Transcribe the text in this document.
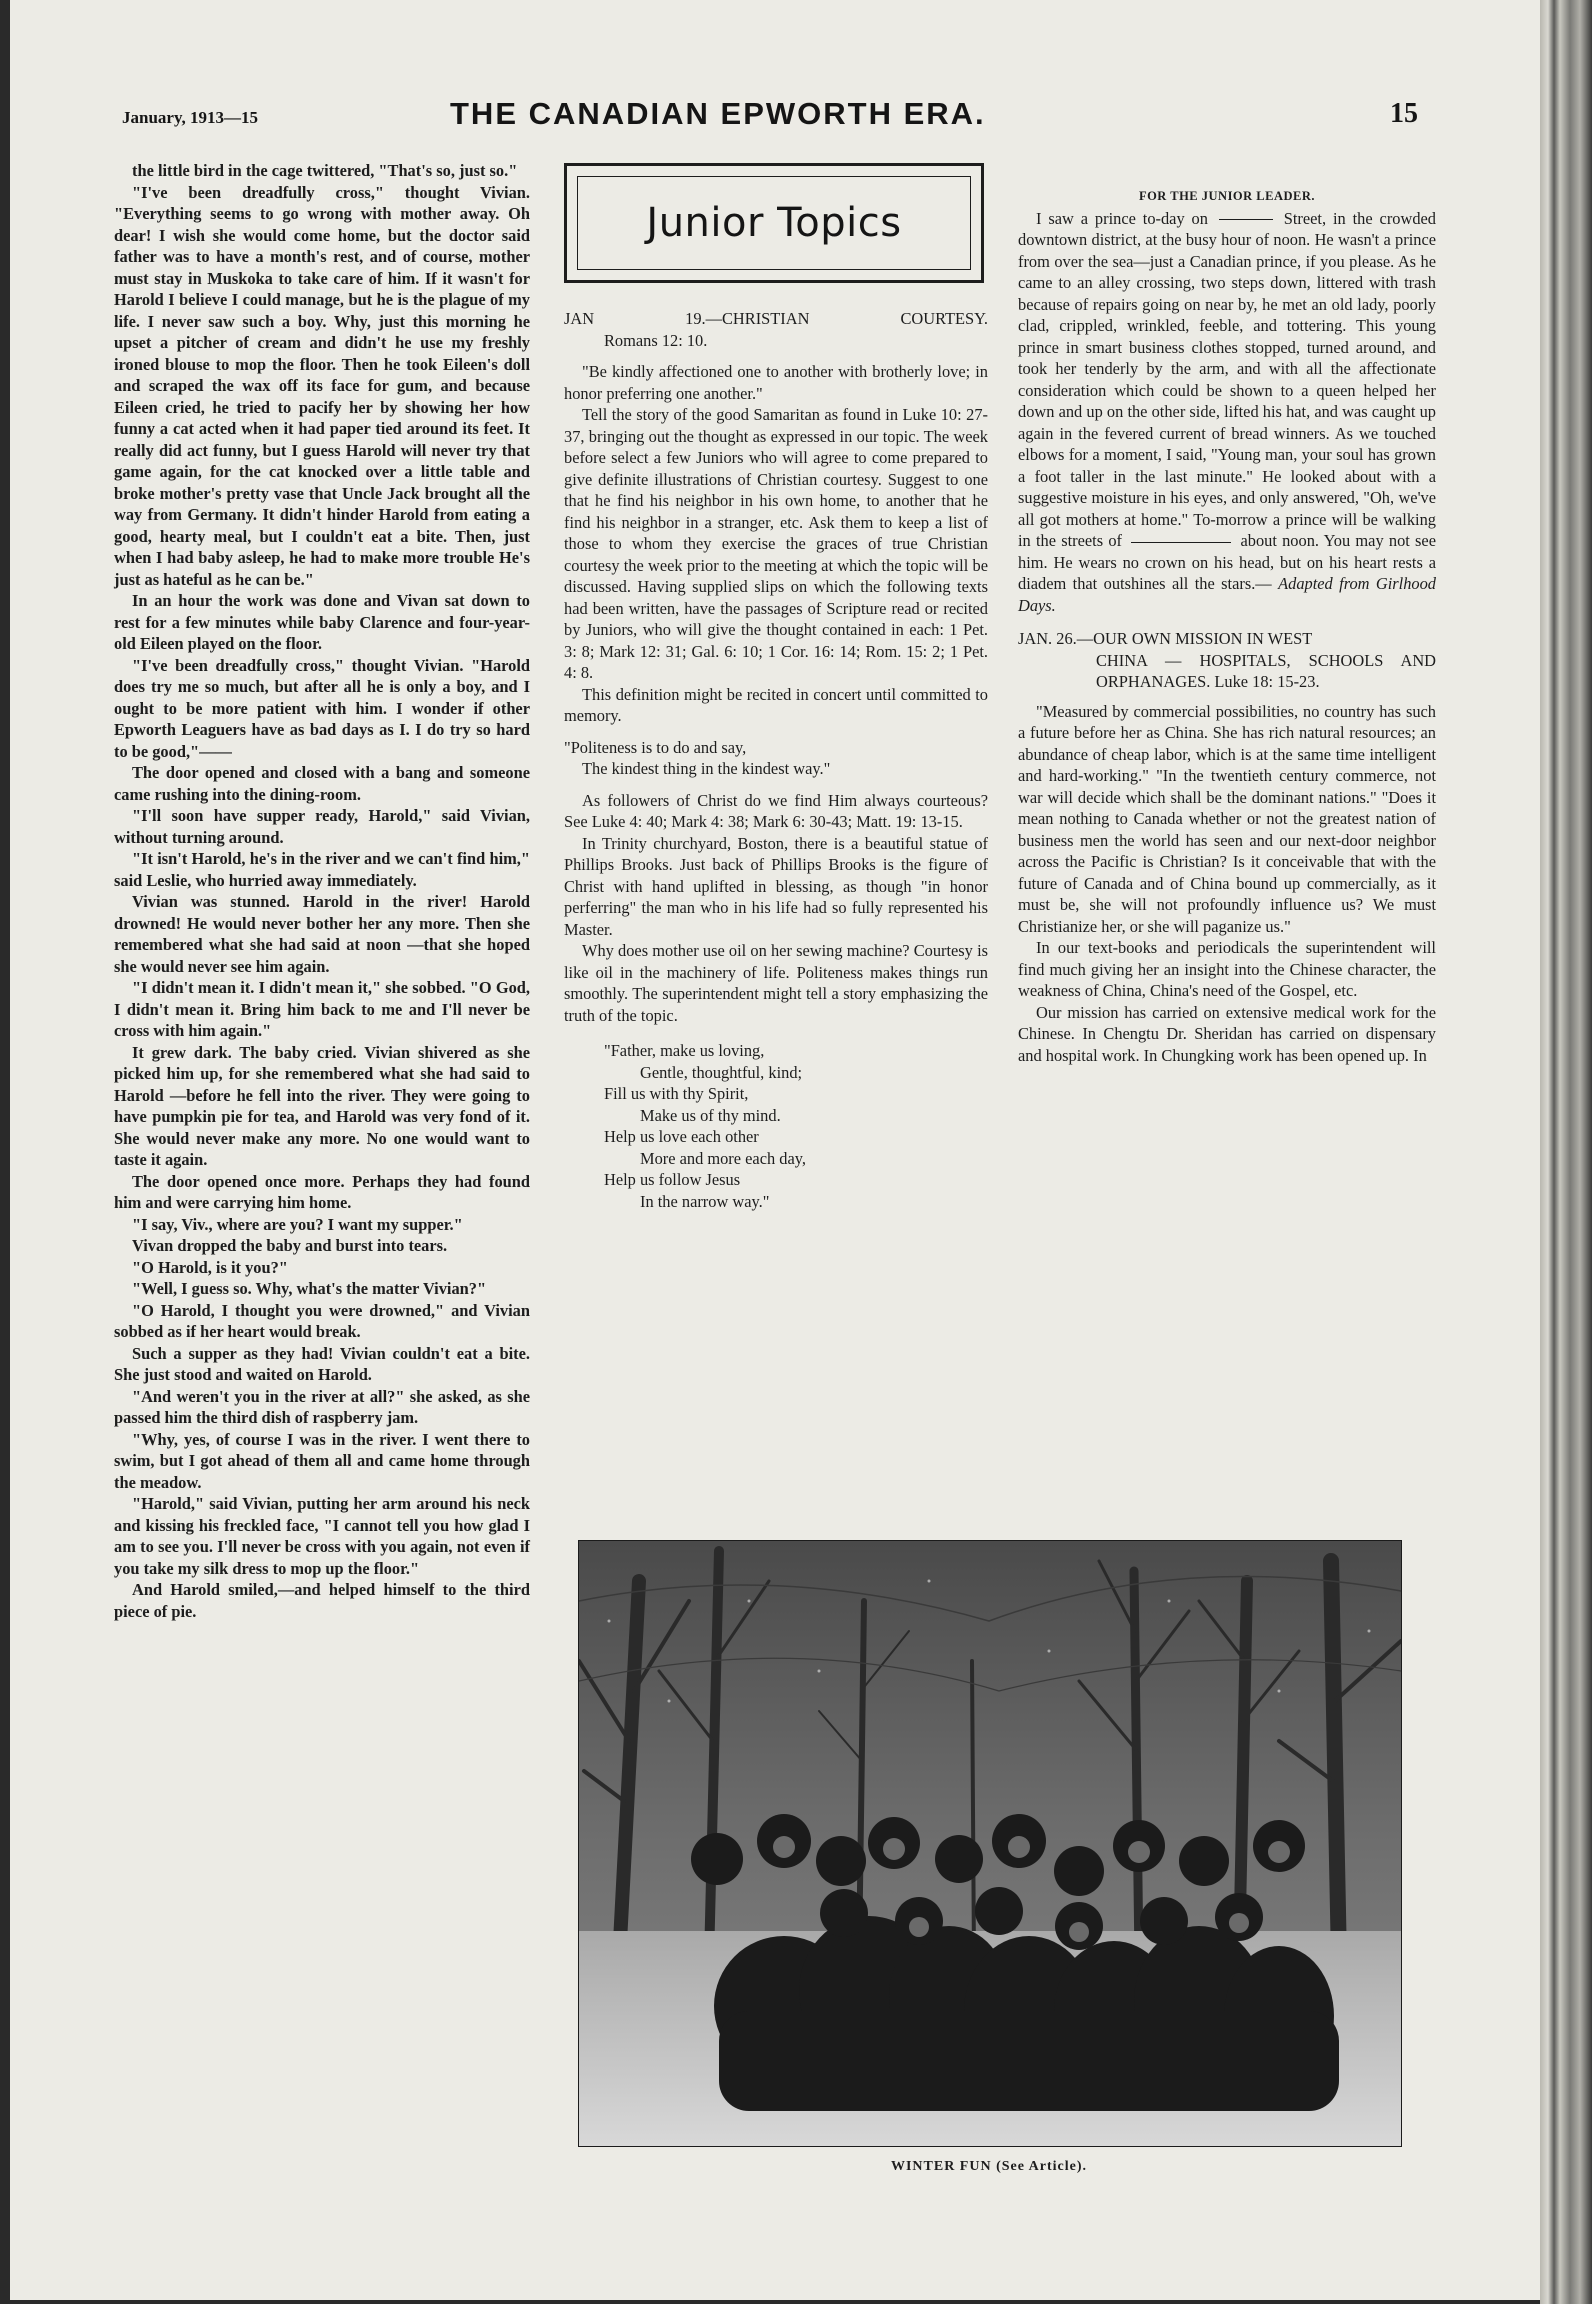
January, 1913—15	THE CANADIAN EPWORTH ERA.	15

the little bird in the cage twittered, "That's so, just so."

"I've been dreadfully cross," thought Vivian. "Everything seems to go wrong with mother away. Oh dear! I wish she would come home, but the doctor said father was to have a month's rest, and of course, mother must stay in Muskoka to take care of him. If it wasn't for Harold I believe I could manage, but he is the plague of my life. I never saw such a boy. Why, just this morning he upset a pitcher of cream and didn't he use my freshly ironed blouse to mop the floor. Then he took Eileen's doll and scraped the wax off its face for gum, and because Eileen cried, he tried to pacify her by showing her how funny a cat acted when it had paper tied around its feet. It really did act funny, but I guess Harold will never try that game again, for the cat knocked over a little table and broke mother's pretty vase that Uncle Jack brought all the way from Germany. It didn't hinder Harold from eating a good, hearty meal, but I couldn't eat a bite. Then, just when I had baby asleep, he had to make more trouble He's just as hateful as he can be."

In an hour the work was done and Vivan sat down to rest for a few minutes while baby Clarence and four-year-old Eileen played on the floor.

"I've been dreadfully cross," thought Vivian. "Harold does try me so much, but after all he is only a boy, and I ought to be more patient with him. I wonder if other Epworth Leaguers have as bad days as I. I do try so hard to be good,"——

The door opened and closed with a bang and someone came rushing into the dining-room.

"I'll soon have supper ready, Harold," said Vivian, without turning around.

"It isn't Harold, he's in the river and we can't find him," said Leslie, who hurried away immediately.

Vivian was stunned. Harold in the river! Harold drowned! He would never bother her any more. Then she remembered what she had said at noon —that she hoped she would never see him again.

"I didn't mean it. I didn't mean it," she sobbed. "O God, I didn't mean it. Bring him back to me and I'll never be cross with him again."

It grew dark. The baby cried. Vivian shivered as she picked him up, for she remembered what she had said to Harold —before he fell into the river. They were going to have pumpkin pie for tea, and Harold was very fond of it. She would never make any more. No one would want to taste it again.

The door opened once more. Perhaps they had found him and were carrying him home.

"I say, Viv., where are you? I want my supper."

Vivan dropped the baby and burst into tears.

"O Harold, is it you?"

"Well, I guess so. Why, what's the matter Vivian?"

"O Harold, I thought you were drowned," and Vivian sobbed as if her heart would break.

Such a supper as they had! Vivian couldn't eat a bite. She just stood and waited on Harold.

"And weren't you in the river at all?" she asked, as she passed him the third dish of raspberry jam.

"Why, yes, of course I was in the river. I went there to swim, but I got ahead of them all and came home through the meadow.

"Harold," said Vivian, putting her arm around his neck and kissing his freckled face, "I cannot tell you how glad I am to see you. I'll never be cross with you again, not even if you take my silk dress to mop up the floor."

And Harold smiled,—and helped himself to the third piece of pie.

Junior Topics

JAN 19.—CHRISTIAN COURTESY.
Romans 12: 10.

"Be kindly affectioned one to another with brotherly love; in honor preferring one another."

Tell the story of the good Samaritan as found in Luke 10: 27-37, bringing out the thought as expressed in our topic. The week before select a few Juniors who will agree to come prepared to give definite illustrations of Christian courtesy. Suggest to one that he find his neighbor in his own home, to another that he find his neighbor in a stranger, etc. Ask them to keep a list of those to whom they exercise the graces of true Christian courtesy the week prior to the meeting at which the topic will be discussed. Having supplied slips on which the following texts had been written, have the passages of Scripture read or recited by Juniors, who will give the thought contained in each: 1 Pet. 3: 8; Mark 12: 31; Gal. 6: 10; 1 Cor. 16: 14; Rom. 15: 2; 1 Pet. 4: 8.

This definition might be recited in concert until committed to memory.

"Politeness is to do and say,
The kindest thing in the kindest way."

As followers of Christ do we find Him always courteous? See Luke 4: 40; Mark 4: 38; Mark 6: 30-43; Matt. 19: 13-15.

In Trinity churchyard, Boston, there is a beautiful statue of Phillips Brooks. Just back of Phillips Brooks is the figure of Christ with hand uplifted in blessing, as though "in honor perferring" the man who in his life had so fully represented his Master.

Why does mother use oil on her sewing machine? Courtesy is like oil in the machinery of life. Politeness makes things run smoothly. The superintendent might tell a story emphasizing the truth of the topic.

"Father, make us loving,
Gentle, thoughtful, kind;
Fill us with thy Spirit,
Make us of thy mind.
Help us love each other
More and more each day,
Help us follow Jesus
In the narrow way."

FOR THE JUNIOR LEADER.

I saw a prince to-day on	Street, in the crowded downtown district, at the busy hour of noon. He wasn't a prince from over the sea—just a Canadian prince, if you please. As he came to an alley crossing, two steps down, littered with trash because of repairs going on near by, he met an old lady, poorly clad, crippled, wrinkled, feeble, and tottering. This young prince in smart business clothes stopped, turned around, and took her tenderly by the arm, and with all the affectionate consideration which could be shown to a queen helped her down and up on the other side, lifted his hat, and was caught up again in the fevered current of bread winners. As we touched elbows for a moment, I said, "Young man, your soul has grown a foot taller in the last minute." He looked about with a suggestive moisture in his eyes, and only answered, "Oh, we've all got mothers at home." To-morrow a prince will be walking in the streets of	about noon. You may not see him. He wears no crown on his head, but on his heart rests a diadem that outshines all the stars.— Adapted from Girlhood Days.

JAN. 26.—OUR OWN MISSION IN WEST
CHINA — HOSPITALS, SCHOOLS AND ORPHANAGES. Luke 18: 15-23.

"Measured by commercial possibilities, no country has such a future before her as China. She has rich natural resources; an abundance of cheap labor, which is at the same time intelligent and hard-working." "In the twentieth century commerce, not war will decide which shall be the dominant nations." "Does it mean nothing to Canada whether or not the greatest nation of business men the world has seen and our next-door neighbor across the Pacific is Christian? Is it conceivable that with the future of Canada and of China bound up commercially, as it must be, she will not profoundly influence us? We must Christianize her, or she will paganize us."

In our text-books and periodicals the superintendent will find much giving her an insight into the Chinese character, the weakness of China, China's need of the Gospel, etc.

Our mission has carried on extensive medical work for the Chinese. In Chengtu Dr. Sheridan has carried on dispensary and hospital work. In Chungking work has been opened up. In

WINTER FUN (See Article).
